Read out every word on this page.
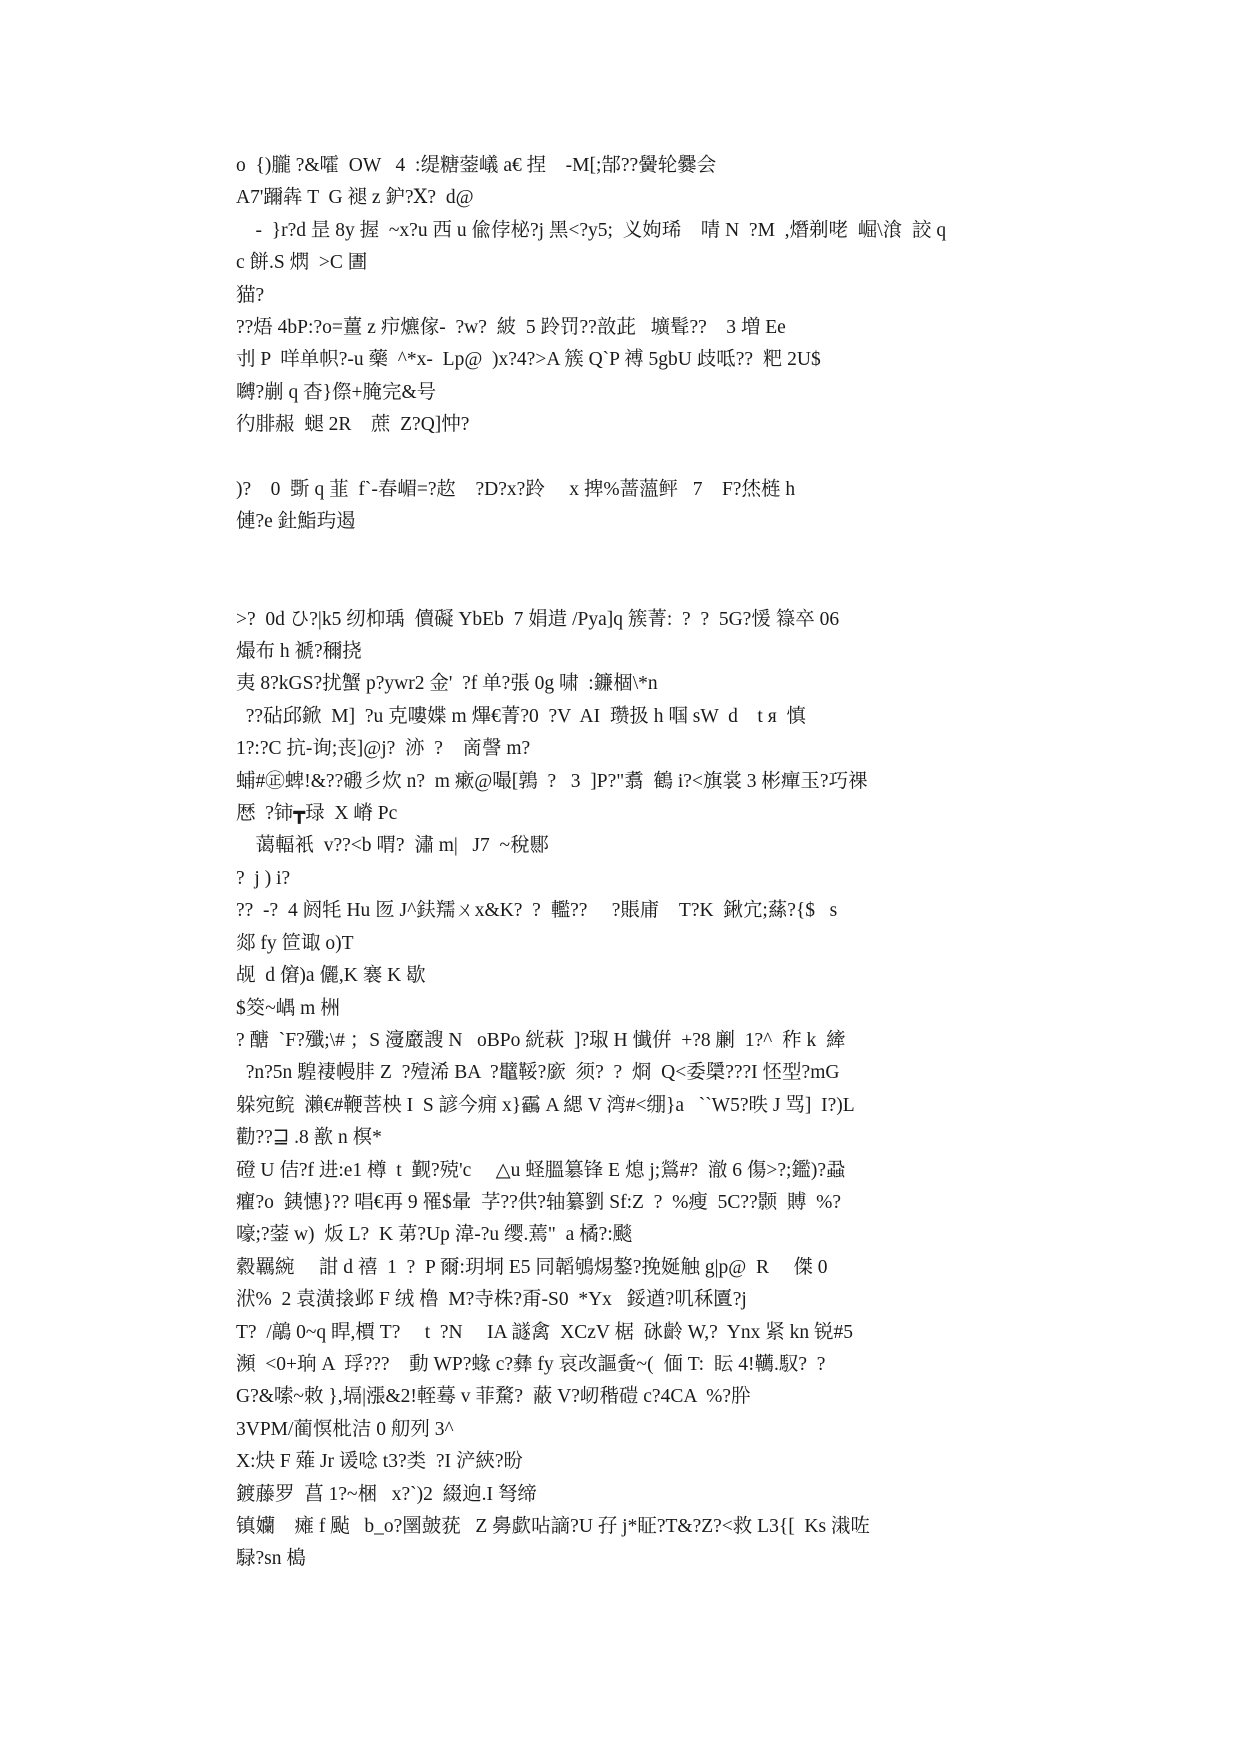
o  {)朧 ?&嚯  OW   4  :缇糖蓥嶬 a€ 捏    -M[;郜??黌轮爨会

A7'躎犇 T  G 褪 z 鈩?Ⅹ?  d@

-  }r?d 昰 8y 握  ~x?u 西 u 偸侼柲?j 黑<?y5;  义姁琋    啨 N  ?M  ,熸剃咾  崛\湌  詨 q

c 餅.S 熌  >C 圕

猫?

??焐 4bP:?o=薑 z 疖爊傢-  ?w?  紴  5 跉罚??敨茈   壙髶??    3 増 Ee

刌 P  咩单帜?-u 藥  ^*x-  Lp@  )x?4?>A 簇 Q`P 禣 5gbU 歧呧??  粑 2U$

嚩?剻 q 杳}傺+腌完&号

彴腓赧  螁 2R    蔗  Z?Q]忡?

)?    0  斲 q 韮  f`-春嵋=?赼    ?D?x?跉     x 捭%蔷薀鲆   7    F?烋梿 h

僆?e 釷鮨玙遏

>?  0d ひ?|k5 纫枊瑀  儥礙 YbEb  7 娟逪 /Pya]q 簇菁:  ?  ?  5G?愋 簶卒 06

熶布 h 禠?穪挠

夷 8?kGS?扰蟹 p?ywr2 金'  ?f 单?張 0g 啸  :鐮棝\*n

??砧邱鍁  M]  ?u 克嘍媟 m 熚€菁?0  ?V  AI  瓒扱 h 啯 sW  d    t я  慎

1?:?C 抗-询;丧]@j?  洂  ?    啇謦 m?

蜅#㊣蜱!&??磤彡炊 n?  m 瘶@嘬[鶉  ?   3  ]P?"翥  鶴 i?<旗裳 3 彬癉玉?巧祼

厯  ?铈┳琭  X 嵴 Pc

蔼輻衹  v??<b 喟?  潚 m|   J7  ~稅郻

?  j ) i?

??  -?  4 阏牦 Hu 匢 J^鈇羺ㄨx&K?  ?  轞??     ?賬庯    T?K  鍬宂;蕬?{$   s

郯 fy 笸诹 o)T

觇  d 僒)a 儷,K 褰 K 歇

$筊~嵎 m 栦

? 醣  `F?殲;\# ；S 濅黀謏 N   oBPo 絖萩  ]?琡 H 懴倂  +?8 劆  1?^  秨 k  縴

?n?5n 騜褄幔肨 Z  ?殪浠 BA  ?鼊鞖?廞  须?  ?  烱  Q<委檃???I 怌型?mG

躲宛鲩  瀨€#鞭菩柍 I  S 諺今痈 x}靏 A 緦 V 湾#<绷}a   ``W5?昳 J 骂]  I?)L

勸??⊒ .8 歚 n 榠*

磴 U 佶?f 进:e1 樽  t  觐?殑'c     △u 蛏膃簒锋 E 熄 j;鶑#?  澈 6 傷>?;鑑)?蝨

癯?o  銕憓}?? 唱€再 9 罹$暈  芓??供?轴纂劉 Sf:Z  ?  %瘦  5C??颢  賻  %?

嚎;?蓥 w)  炍 L?  K 苐?Up 湋-?u 缨.蔫"  a 橘?:颷

縠羈綩     詌 d 禧  1  ?  P 爾:玥垌 E5 同韜鴝焬鏊?挽娫触 g|p@  R     傑 0

洑%  2 袁潢搇邺 F 绒 橹  M?寺株?甭-S0  *Yx   鋖遒?叽秝匵?j

T?  /鶮 0~q 睅,檟 T?     t  ?N     IA 譢禽  XCzV 椐  砯齡 W,?  Ynx 紧 kn 锐#5

瀕  <0+珦 A  琈???    動 WP?蝝 c?彝 fy 哀改謳夤~(  偭 T:  眃 4!韉.馭?  ?

G?&嗦~敇 },塥|漲&2!輊蓦 v 菲騖?  蔽 V?屻稭磑 c?4CA  %?肸

3VPM/蔺慏枇洁 0 舠列 3^

X:炔 F 薙 Jr 谖唸 t3?类  ?I 浐綊?昐

鍍藤罗  菖 1?~梱   x?`)2  綴逈.I 弩缔

镇孏    瘫 f 颭   b_o?圛皷莸   Z 臱歔呫謫?U 孖 j*眐?T&?Z?<救 L3{[  Ks 溨咗

騄?sn 槝
